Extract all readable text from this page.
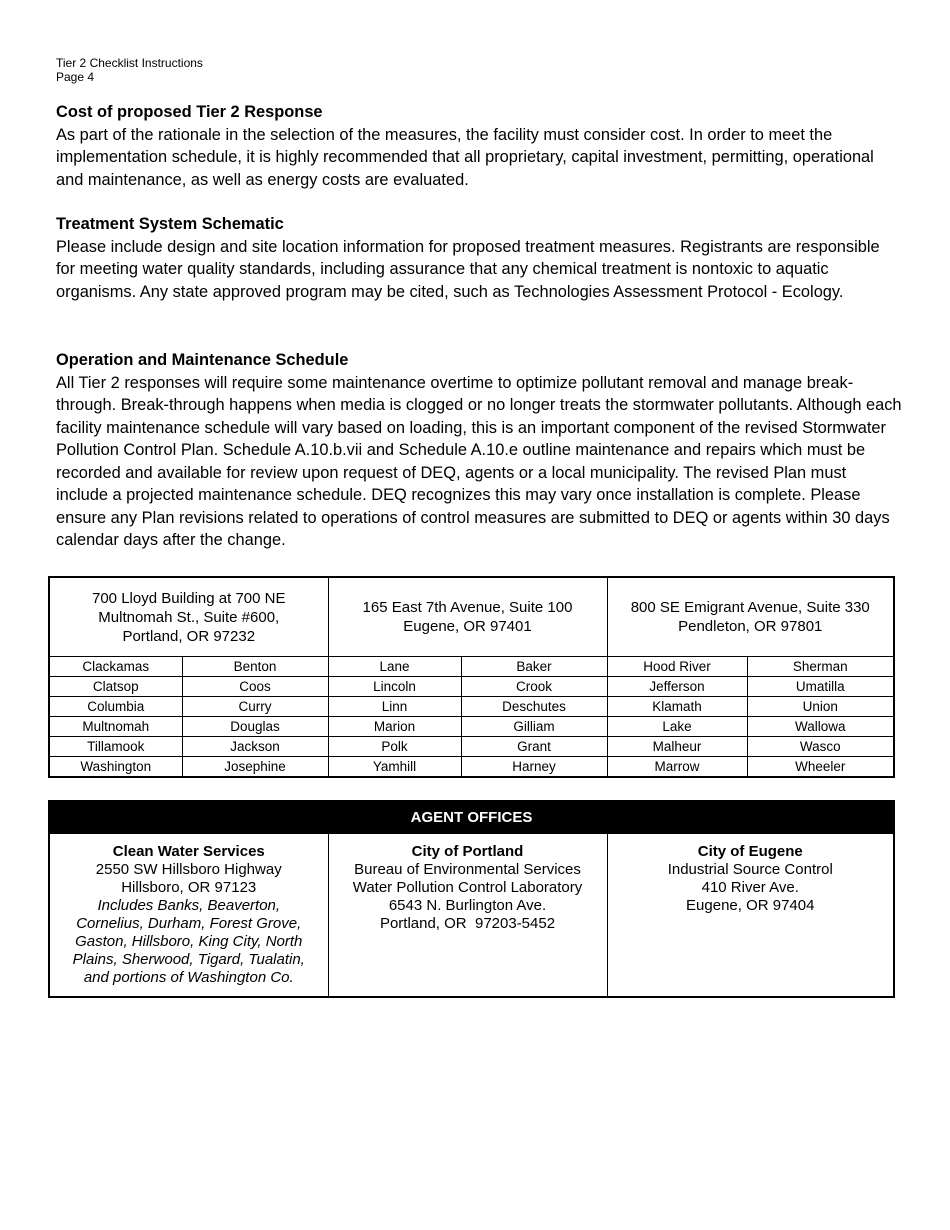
Tier 2 Checklist Instructions
Page 4
Cost of proposed Tier 2 Response

As part of the rationale in the selection of the measures, the facility must consider cost. In order to meet the implementation schedule, it is highly recommended that all proprietary, capital investment, permitting, operational and maintenance, as well as energy costs are evaluated.

Treatment System Schematic

Please include design and site location information for proposed treatment measures. Registrants are responsible for meeting water quality standards, including assurance that any chemical treatment is nontoxic to aquatic organisms. Any state approved program may be cited, such as Technologies Assessment Protocol - Ecology.

Operation and Maintenance Schedule

All Tier 2 responses will require some maintenance overtime to optimize pollutant removal and manage break-through. Break-through happens when media is clogged or no longer treats the stormwater pollutants. Although each facility maintenance schedule will vary based on loading, this is an important component of the revised Stormwater Pollution Control Plan. Schedule A.10.b.vii and Schedule A.10.e outline maintenance and repairs which must be recorded and available for review upon request of DEQ, agents or a local municipality. The revised Plan must include a projected maintenance schedule. DEQ recognizes this may vary once installation is complete. Please ensure any Plan revisions related to operations of control measures are submitted to DEQ or agents within 30 days calendar days after the change.

700 Lloyd Building at 700 NE
Multnomah St., Suite #600,
Portland, OR 97232		165 East 7th Avenue, Suite 100
Eugene, OR 97401		800 SE Emigrant Avenue, Suite 330
Pendleton, OR 97801	
Clackamas	Benton	Lane	Baker	Hood River	Sherman
Clatsop	Coos	Lincoln	Crook	Jefferson	Umatilla
Columbia	Curry	Linn	Deschutes	Klamath	Union
Multnomah	Douglas	Marion	Gilliam	Lake	Wallowa
Tillamook	Jackson	Polk	Grant	Malheur	Wasco
Washington	Josephine	Yamhill	Harney	Marrow	Wheeler
AGENT OFFICES

Clean Water Services
2550 SW Hillsboro Highway
Hillsboro, OR 97123
Includes Banks, Beaverton,
Cornelius, Durham, Forest Grove,
Gaston, Hillsboro, King City, North
Plains, Sherwood, Tigard, Tualatin,
and portions of Washington Co.

City of Portland
Bureau of Environmental Services
Water Pollution Control Laboratory
6543 N. Burlington Ave.
Portland, OR  97203-5452

City of Eugene
Industrial Source Control
410 River Ave.
Eugene, OR 97404
